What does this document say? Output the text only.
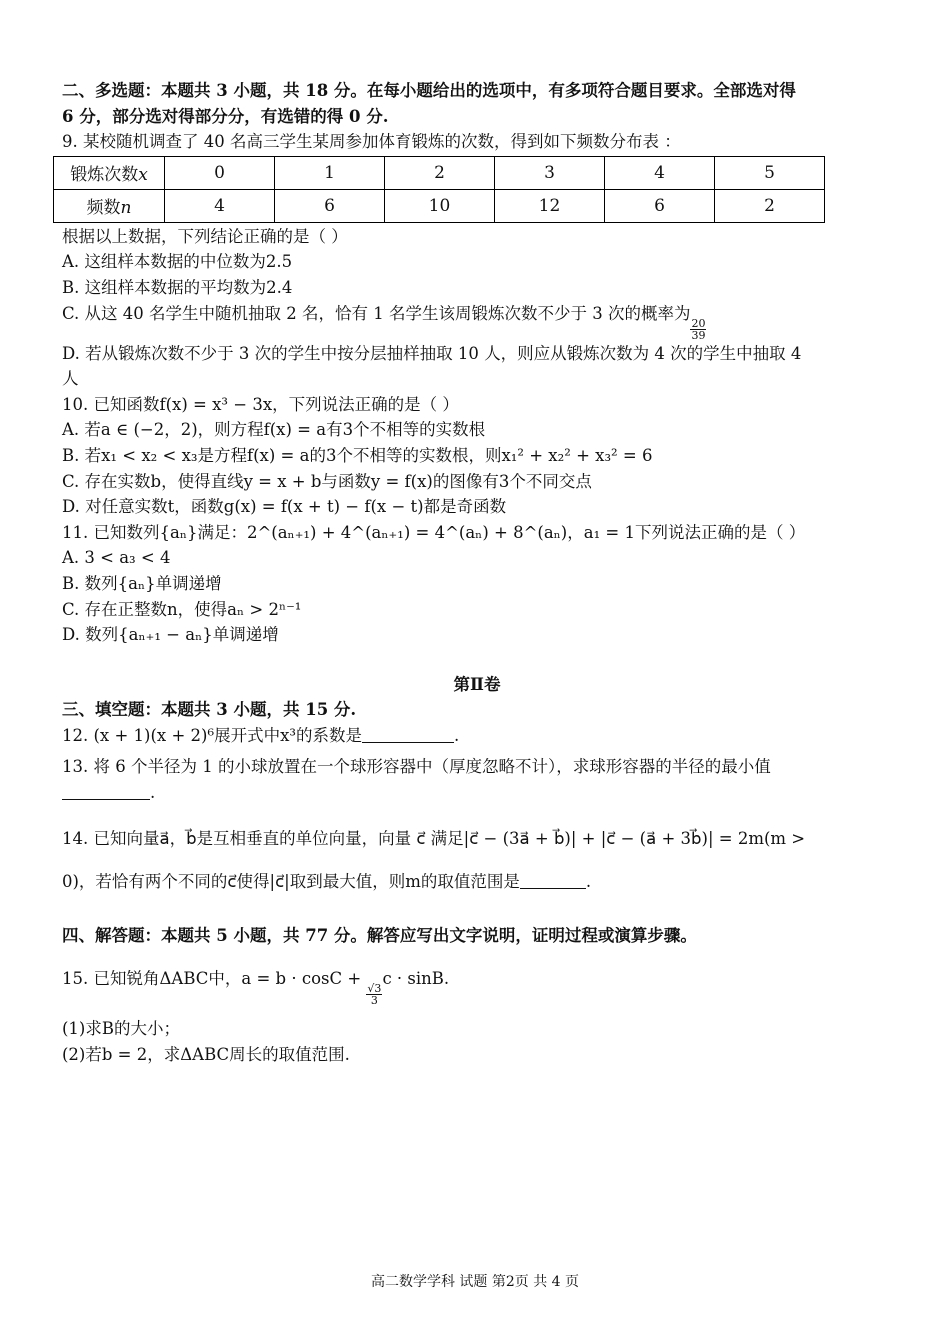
二、多选题：本题共 3 小题，共 18 分。在每小题给出的选项中，有多项符合题目要求。全部选对得
6 分，部分选对得部分分，有选错的得 0 分.
9. 某校随机调查了 40 名高三学生某周参加体育锻炼的次数，得到如下频数分布表 ：
锻炼次数x	0	1	2	3	4	5
频数n	4	6	10	12	6	2
根据以上数据，下列结论正确的是（ ）
A. 这组样本数据的中位数为2.5
B. 这组样本数据的平均数为2.4
C. 从这 40 名学生中随机抽取 2 名，恰有 1 名学生该周锻炼次数不少于 3 次的概率为
$\frac{20}{39}$
D. 若从锻炼次数不少于 3 次的学生中按分层抽样抽取 10 人，则应从锻炼次数为 4 次的学生中抽取 4
人
10. 已知函数f(x) = x³ − 3x，下列说法正确的是（ ）
A. 若a ∈ (−2，2)，则方程f(x) = a有3个不相等的实数根
B. 若x₁ < x₂ < x₃是方程f(x) = a的3个不相等的实数根，则x₁² + x₂² + x₃² = 6
C. 存在实数b，使得直线y = x + b与函数y = f(x)的图像有3个不同交点
D. 对任意实数t，函数g(x) = f(x + t) − f(x − t)都是奇函数
11. 已知数列{aₙ}满足：2^(aₙ₊₁) + 4^(aₙ₊₁) = 4^(aₙ) + 8^(aₙ)，a₁ = 1下列说法正确的是（ ）
A. 3 < a₃ < 4
B. 数列{aₙ}单调递增
C. 存在正整数n，使得aₙ > 2ⁿ⁻¹
D. 数列{aₙ₊₁ − aₙ}单调递增
第Ⅱ卷
三、填空题：本题共 3 小题，共 15 分.
12. (x + 1)(x + 2)⁶展开式中x³的系数是	.
13. 将 6 个半径为 1 的小球放置在一个球形容器中（厚度忽略不计），求球形容器的半径的最小值
.
14. 已知向量a⃗，b⃗是互相垂直的单位向量，向量 c⃗ 满足|c⃗ − (3a⃗ + b⃗)| + |c⃗ − (a⃗ + 3b⃗)| = 2m(m >
0)，若恰有两个不同的c⃗使得|c⃗|取到最大值，则m的取值范围是	.
四、解答题：本题共 5 小题，共 77 分。解答应写出文字说明，证明过程或演算步骤。
15. 已知锐角ΔABC中，a = b · cosC +
$\frac{√3}{3}$
c · sinB.
(1)求B的大小；
(2)若b = 2，求ΔABC周长的取值范围.
高二数学学科 试题 第2页 共 4 页
